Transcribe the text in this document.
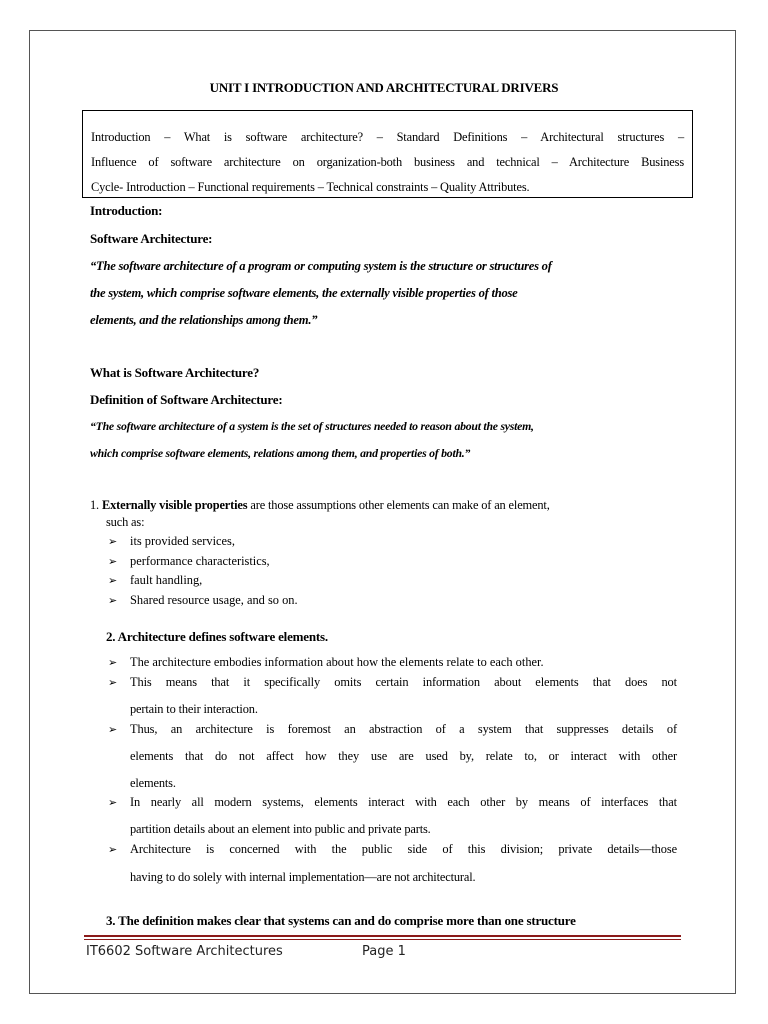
UNIT I INTRODUCTION AND ARCHITECTURAL DRIVERS
Introduction – What is software architecture? – Standard Definitions – Architectural structures –
Influence of software architecture on organization-both business and technical – Architecture Business
Cycle- Introduction – Functional requirements – Technical constraints – Quality Attributes.
Introduction:
Software Architecture:
“The software architecture of a program or computing system is the structure or structures of
the system, which comprise software elements, the externally visible properties of those
elements, and the relationships among them.”
What is Software Architecture?
Definition of Software Architecture:
“The software architecture of a system is the set of structures needed to reason about the system,
which comprise software elements, relations among them, and properties of both.”
1. Externally visible properties are those assumptions other elements can make of an element,
such as:
➢ its provided services,
➢ performance characteristics,
➢ fault handling,
➢ Shared resource usage, and so on.
2. Architecture defines software elements.
➢ The architecture embodies information about how the elements relate to each other.
➢	This means that it specifically omits certain information about elements that does not
pertain to their interaction.
➢	Thus, an architecture is foremost an abstraction of a system that suppresses details of
elements that do not affect how they use are used by, relate to, or interact with other
elements.
➢	In nearly all modern systems, elements interact with each other by means of interfaces that
partition details about an element into public and private parts.
➢	Architecture is concerned with the public side of this division; private details—those
having to do solely with internal implementation—are not architectural.
3. The definition makes clear that systems can and do comprise more than one structure
IT6602 Software Architectures	Page 1
